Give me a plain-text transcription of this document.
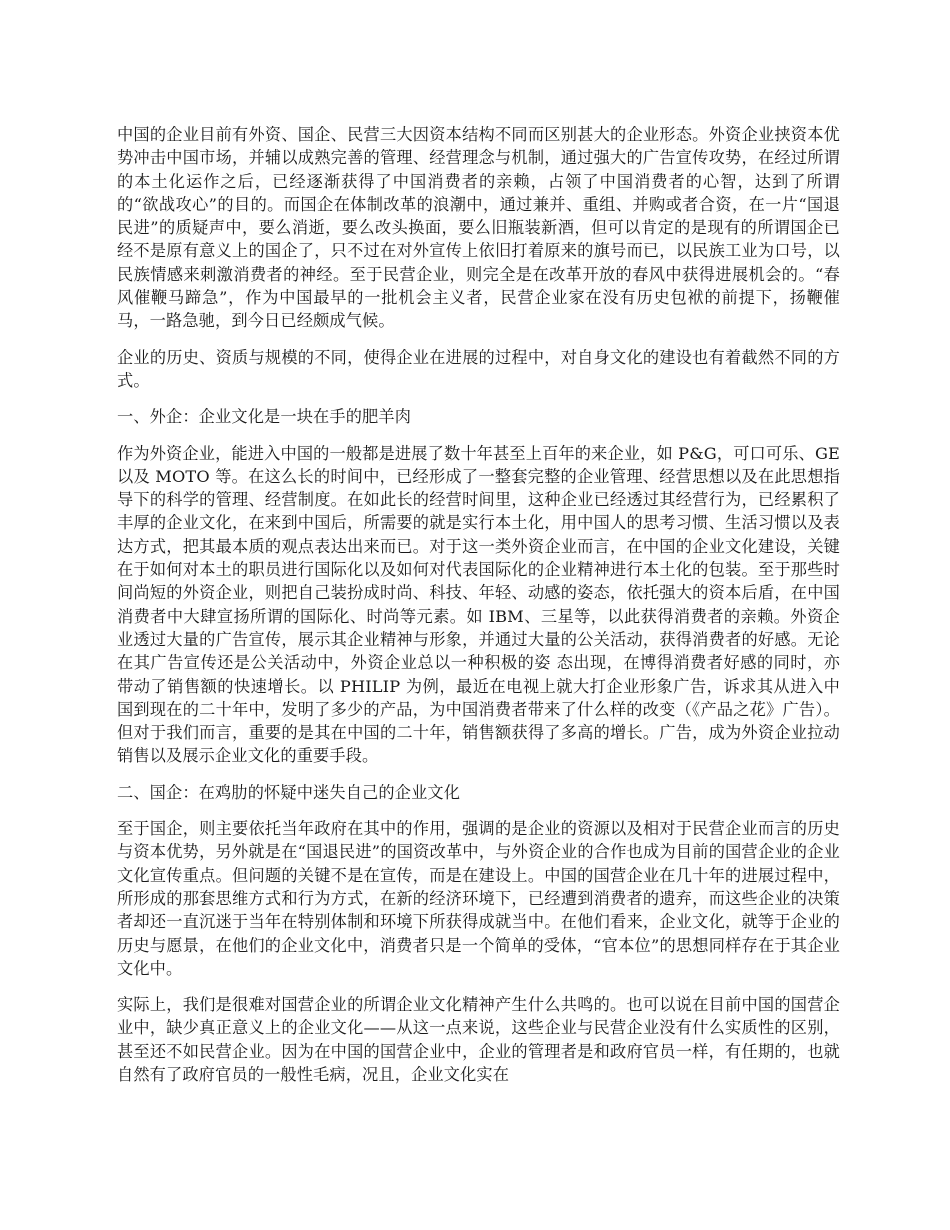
中国的企业目前有外资、国企、民营三大因资本结构不同而区别甚大的企业形态。外资企业挟资本优势冲击中国市场，并辅以成熟完善的管理、经营理念与机制，通过强大的广告宣传攻势，在经过所谓的本土化运作之后，已经逐渐获得了中国消费者的亲赖，占领了中国消费者的心智，达到了所谓的“欲战攻心”的目的。而国企在体制改革的浪潮中，通过兼并、重组、并购或者合资，在一片“国退民进”的质疑声中，要么消逝，要么改头换面，要么旧瓶装新酒，但可以肯定的是现有的所谓国企已经不是原有意义上的国企了，只不过在对外宣传上依旧打着原来的旗号而已，以民族工业为口号，以民族情感来刺激消费者的神经。至于民营企业，则完全是在改革开放的春风中获得进展机会的。“春风催鞭马蹄急”，作为中国最早的一批机会主义者，民营企业家在没有历史包袱的前提下，扬鞭催马，一路急驰，到今日已经颇成气候。

企业的历史、资质与规模的不同，使得企业在进展的过程中，对自身文化的建设也有着截然不同的方式。

一、外企：企业文化是一块在手的肥羊肉

作为外资企业，能进入中国的一般都是进展了数十年甚至上百年的来企业，如 P&G，可口可乐、GE 以及 MOTO 等。在这么长的时间中，已经形成了一整套完整的企业管理、经营思想以及在此思想指导下的科学的管理、经营制度。在如此长的经营时间里，这种企业已经透过其经营行为，已经累积了丰厚的企业文化，在来到中国后，所需要的就是实行本土化，用中国人的思考习惯、生活习惯以及表达方式，把其最本质的观点表达出来而已。对于这一类外资企业而言，在中国的企业文化建设，关键在于如何对本土的职员进行国际化以及如何对代表国际化的企业精神进行本土化的包装。至于那些时间尚短的外资企业，则把自己装扮成时尚、科技、年轻、动感的姿态，依托强大的资本后盾，在中国消费者中大肆宣扬所谓的国际化、时尚等元素。如 IBM、三星等，以此获得消费者的亲赖。外资企业透过大量的广告宣传，展示其企业精神与形象，并通过大量的公关活动，获得消费者的好感。无论在其广告宣传还是公关活动中，外资企业总以一种积极的姿 态出现，在博得消费者好感的同时，亦带动了销售额的快速增长。以 PHILIP 为例，最近在电视上就大打企业形象广告，诉求其从进入中国到现在的二十年中，发明了多少的产品，为中国消费者带来了什么样的改变（《产品之花》广告）。但对于我们而言，重要的是其在中国的二十年，销售额获得了多高的增长。广告，成为外资企业拉动销售以及展示企业文化的重要手段。

二、国企：在鸡肋的怀疑中迷失自己的企业文化

至于国企，则主要依托当年政府在其中的作用，强调的是企业的资源以及相对于民营企业而言的历史与资本优势，另外就是在“国退民进”的国资改革中，与外资企业的合作也成为目前的国营企业的企业文化宣传重点。但问题的关键不是在宣传，而是在建设上。中国的国营企业在几十年的进展过程中，所形成的那套思维方式和行为方式，在新的经济环境下，已经遭到消费者的遗弃，而这些企业的决策者却还一直沉迷于当年在特别体制和环境下所获得成就当中。在他们看来，企业文化，就等于企业的历史与愿景，在他们的企业文化中，消费者只是一个简单的受体，“官本位”的思想同样存在于其企业文化中。

实际上，我们是很难对国营企业的所谓企业文化精神产生什么共鸣的。也可以说在目前中国的国营企业中，缺少真正意义上的企业文化——从这一点来说，这些企业与民营企业没有什么实质性的区别，甚至还不如民营企业。因为在中国的国营企业中，企业的管理者是和政府官员一样，有任期的，也就自然有了政府官员的一般性毛病，况且，企业文化实在
